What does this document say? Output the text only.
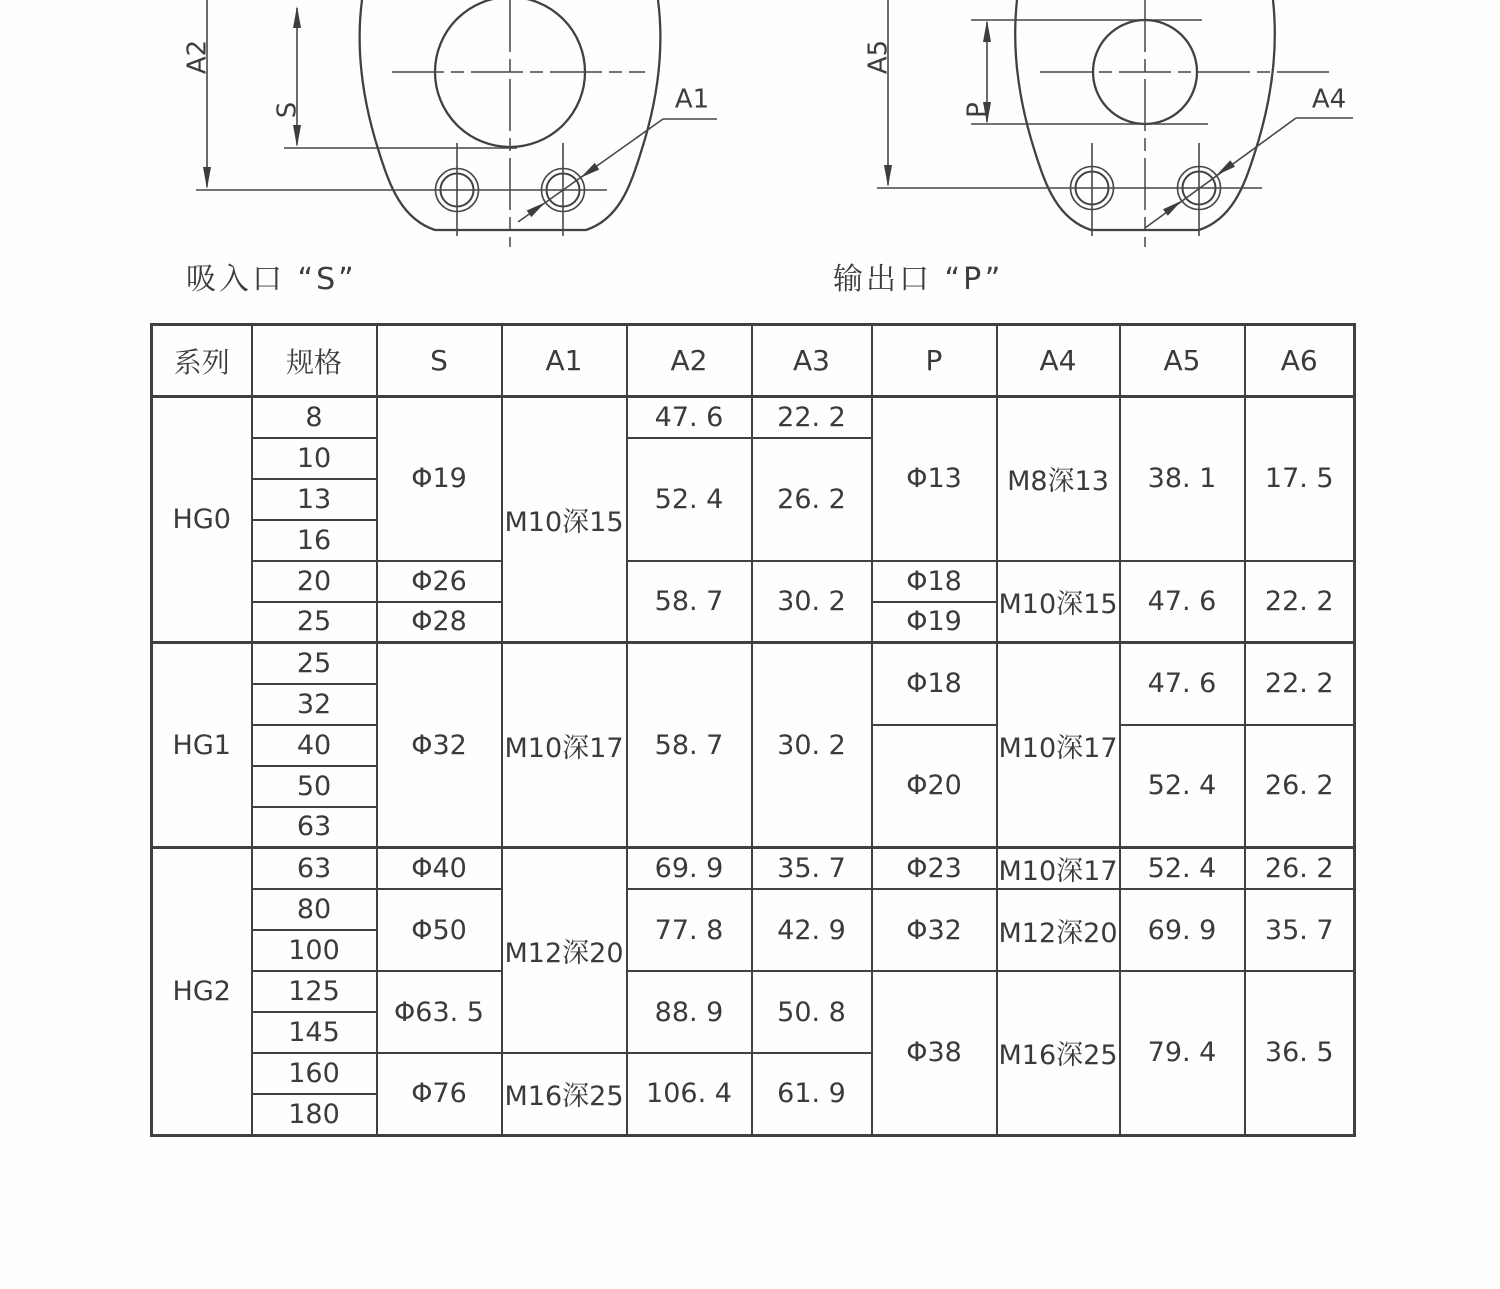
A2
S	A1
A5
P	A4
吸入口 “S”	输出口 “P”
系列	规格	S	A1	A2	A3	P	A4	A5	A6
HG0	8	Φ19	M10深15	47. 6	22. 2	Φ13	M8深13	38. 1	17. 5
	10			52. 4	26. 2				
	13								
	16								
	20	Φ26		58. 7	30. 2	Φ18	M10深15	47. 6	22. 2
	25	Φ28				Φ19			
HG1	25	Φ32	M10深17	58. 7	30. 2	Φ18	M10深17	47. 6	22. 2
	32								
	40					Φ20		52. 4	26. 2
	50								
	63								
HG2	63	Φ40	M12深20	69. 9	35. 7	Φ23	M10深17	52. 4	26. 2
	80	Φ50		77. 8	42. 9	Φ32	M12深20	69. 9	35. 7
	100								
	125	Φ63. 5		88. 9	50. 8	Φ38	M16深25	79. 4	36. 5
	145								
	160	Φ76	M16深25	106. 4	61. 9				
	180								
